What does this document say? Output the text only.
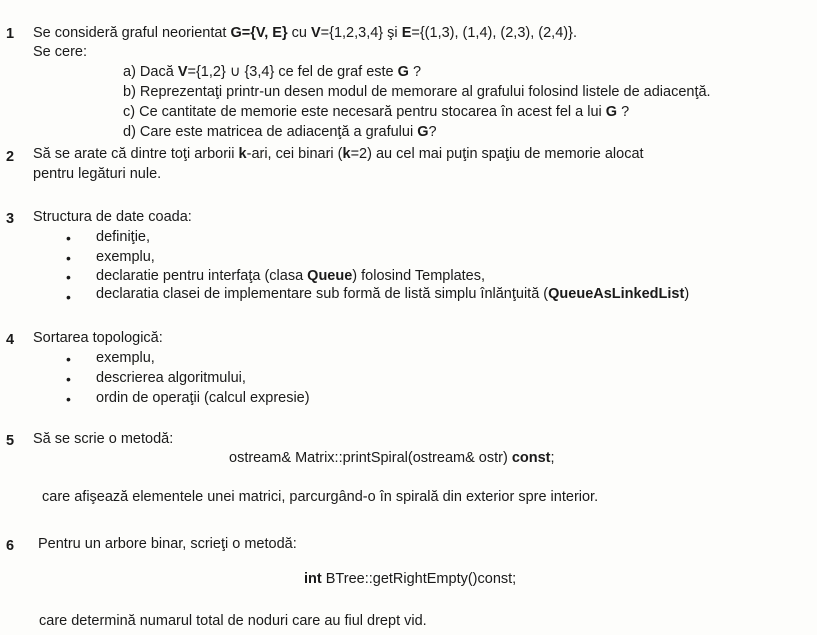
1 Se consideră graful neorientat G={V, E} cu V={1,2,3,4} şi E={(1,3), (1,4), (2,3), (2,4)}.
Se cere:
a) Dacă V={1,2} ∪ {3,4} ce fel de graf este G ?
b) Reprezentaţi printr-un desen modul de memorare al grafului folosind listele de adiacenţă.
c) Ce cantitate de memorie este necesară pentru stocarea în acest fel a lui G ?
d) Care este matricea de adiacenţă a grafului G?
2 Să se arate că dintre toţi arborii k-ari, cei binari (k=2) au cel mai puţin spaţiu de memorie alocat
pentru legături nule.
3 Structura de date coada:
• definiţie,
• exemplu,
• declaratie pentru interfaţa (clasa Queue) folosind Templates,
• declaratia clasei de implementare sub formă de listă simplu înlănţuită (QueueAsLinkedList)
4 Sortarea topologică:
• exemplu,
• descrierea algoritmului,
• ordin de operaţii (calcul expresie)
5 Să se scrie o metodă:
ostream& Matrix::printSpiral(ostream& ostr) const;
care afişează elementele unei matrici, parcurgând-o în spirală din exterior spre interior.
6 Pentru un arbore binar, scrieţi o metodă:
int BTree::getRightEmpty()const;
care determină numarul total de noduri care au fiul drept vid.
